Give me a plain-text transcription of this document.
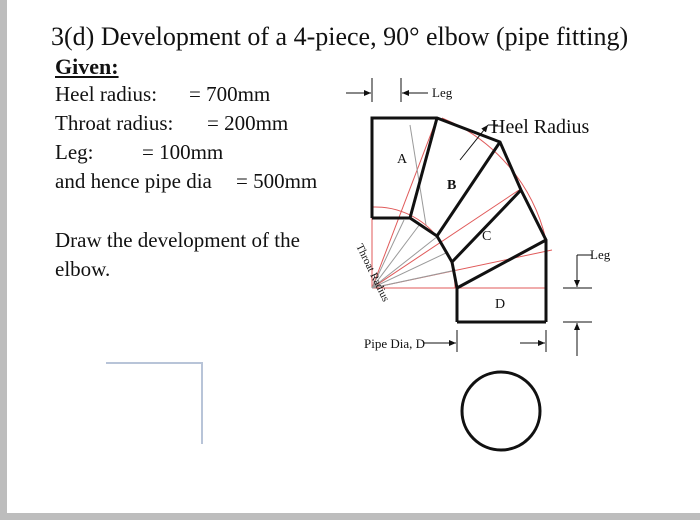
3(d) Development of a 4-piece, 90° elbow (pipe fitting)
Given:
Heel radius: = 700mm
Throat radius: = 200mm
Leg: = 100mm
and hence pipe dia = 500mm
Draw the development of the
elbow.
A
B
C
D
Leg
Heel Radius
Throat Radius	Leg
Pipe Dia, D
